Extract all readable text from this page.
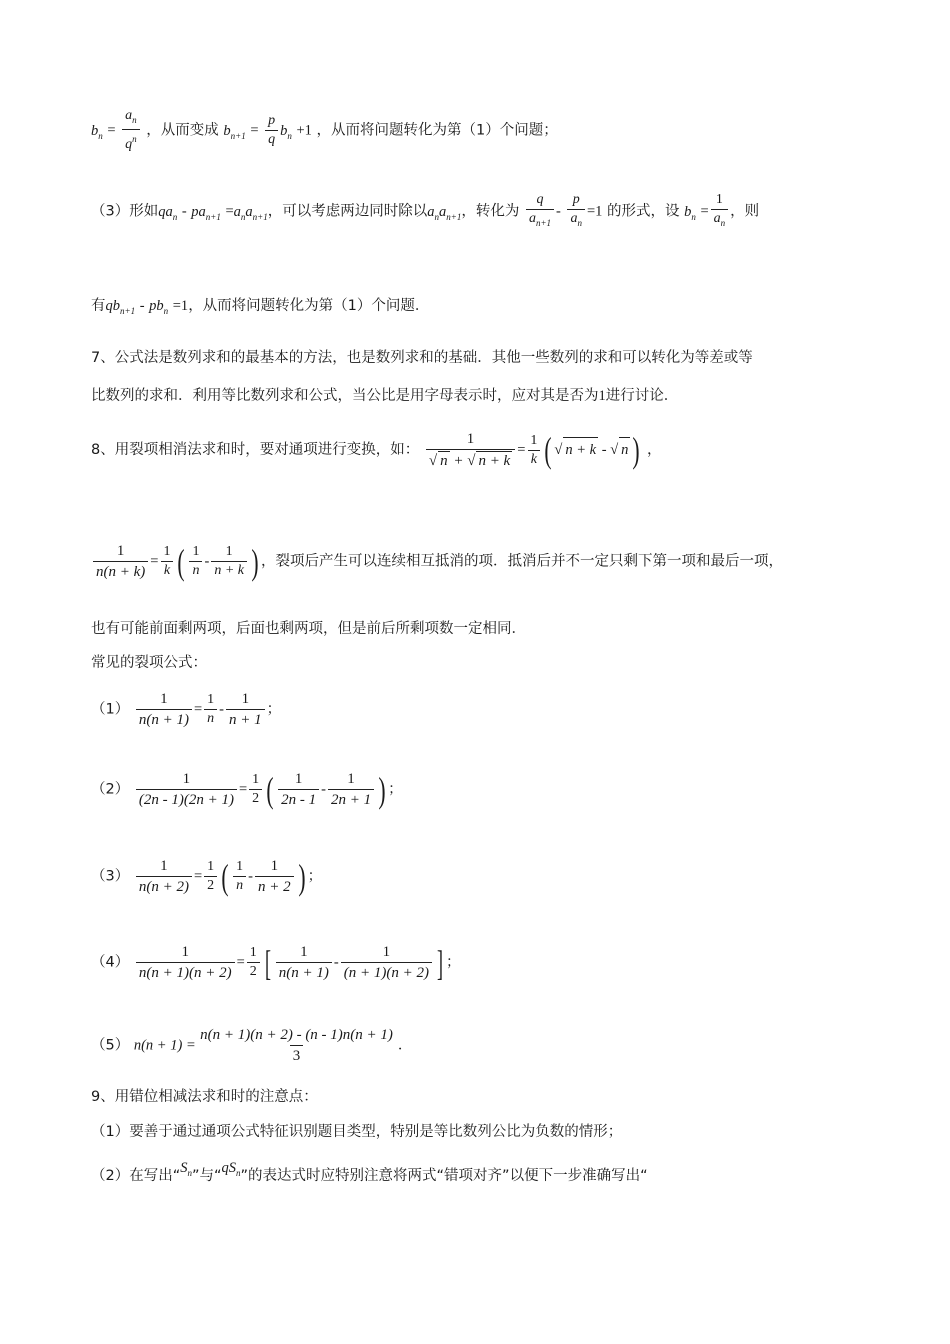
$b_n = \frac{a_n}{q^n}$ ，从而变成 $b_{n+1} = \frac{p}{q} b_n +1$ ，从而将问题转化为第（1）个问题；
（3）形如$qa_n - pa_{n+1} =a_na_{n+1}$，可以考虑两边同时除以$a_na_{n+1}$，转化为 $\frac{q}{a_{n+1}} - \frac{p}{a_n} =1$ 的形式，设 $b_n = \frac{1}{a_n}$ ，则
有$qb_{n+1} - pb_n =1$，从而将问题转化为第（1）个问题．
7、公式法是数列求和的最基本的方法，也是数列求和的基础．其他一些数列的求和可以转化为等差或等
比数列的求和．利用等比数列求和公式，当公比是用字母表示时，应对其是否为1进行讨论．
8、用裂项相消法求和时，要对通项进行变换，如： $\frac{1}{√ n + √ n + k} = \frac{1}{k}$ ( √ n + k - √ n ) ，
$\frac{1}{n(n + k)} = \frac{1}{k}$ ( $\frac{1}{n} - \frac{1}{n + k}$ ) ，裂项后产生可以连续相互抵消的项．抵消后并不一定只剩下第一项和最后一项，
也有可能前面剩两项，后面也剩两项，但是前后所剩项数一定相同．
常见的裂项公式：
$(1) \frac{1}{n(n + 1)} = \frac{1}{n} - \frac{1}{n + 1}$ ；
$(2) \frac{1}{(2n - 1)(2n + 1)} = \frac{1}{2}$ ( $\frac{1}{2n - 1} - \frac{1}{2n + 1}$ ) ；
$(3) \frac{1}{n(n + 2)} = \frac{1}{2}$ ( $\frac{1}{n} - \frac{1}{n + 2}$ ) ；
$(4) \frac{1}{n(n + 1)(n + 2)} = \frac{1}{2}$ [ $\frac{1}{n(n + 1)} - \frac{1}{(n + 1)(n + 2)}$ ] ；
（5） $n(n + 1) = \frac{n(n + 1)(n + 2) - (n - 1)n(n + 1)}{3}$ ．
9、用错位相减法求和时的注意点：
（1）要善于通过通项公式特征识别题目类型，特别是等比数列公比为负数的情形；
（2）在写出“$S_n$”与“$qS_n$”的表达式时应特别注意将两式“错项对齐”以便下一步准确写出“
